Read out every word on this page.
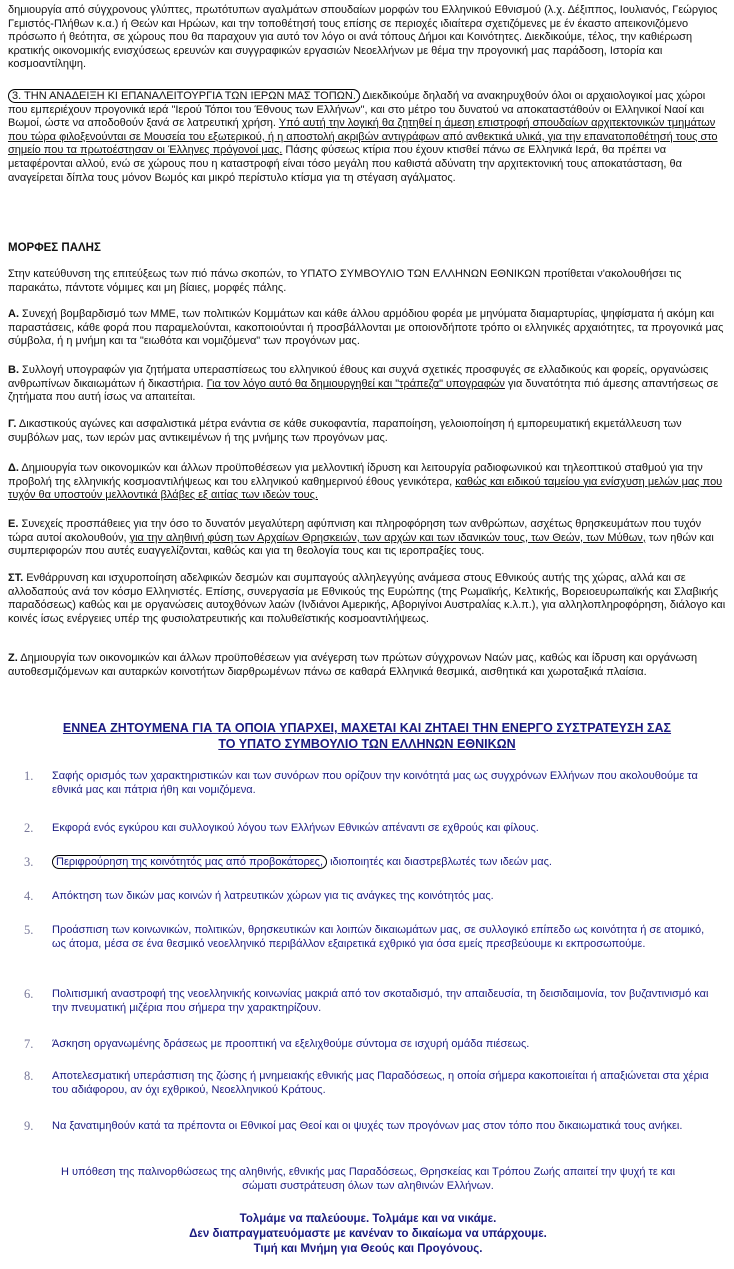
δημιουργία από σύγχρονους γλύπτες, πρωτότυπων αγαλμάτων σπουδαίων μορφών του Ελληνικού Εθνισμού (λ.χ. Δέξιππος, Ιουλιανός, Γεώργιος Γεμιστός-Πλήθων κ.α.) ή Θεών και Ηρώων, και την τοποθέτησή τους επίσης σε περιοχές ιδιαίτερα σχετιζόμενες με έν έκαστο απεικονιζόμενο πρόσωπο ή θεότητα, σε χώρους που θα παραχουν για αυτό τον λόγο οι ανά τόπους Δήμοι και Κοινότητες. Διεκδικούμε, τέλος, την καθιέρωση κρατικής οικονομικής ενισχύσεως ερευνών και συγγραφικών εργασιών Νεοελλήνων με θέμα την προγονική μας παράδοση, Ιστορία και κοσμοαντίληψη.

3. ΤΗΝ ΑΝΑΔΕΙΞΗ ΚΙ ΕΠΑΝΑΛΕΙΤΟΥΡΓΙΑ ΤΩΝ ΙΕΡΩΝ ΜΑΣ ΤΟΠΩΝ. Διεκδικούμε δηλαδή να ανακηρυχθούν όλοι οι αρχαιολογικοί μας χώροι που εμπεριέχουν προγονικά ιερά "Ιερού Τόποι του Έθνους των Ελλήνων", και στο μέτρο του δυνατού να αποκαταστάθούν οι Ελληνικοί Ναοί και Βωμοί, ώστε να αποδοθούν ξανά σε λατρευτική χρήση. Υπό αυτή την λογική θα ζητηθεί η άμεση επιστροφή σπουδαίων αρχιτεκτονικών τμημάτων που τώρα φιλοξενούνται σε Μουσεία του εξωτερικού, ή η αποστολή ακριβών αντιγράφων από ανθεκτικά υλικά, για την επανατοποθέτησή τους στο σημείο που τα πρωτοέστησαν οι Έλληνες πρόγονοί μας. Πάσης φύσεως κτίρια που έχουν κτισθεί πάνω σε Ελληνικά Ιερά, θα πρέπει να μεταφέρονται αλλού, ενώ σε χώρους που η καταστροφή είναι τόσο μεγάλη που καθιστά αδύνατη την αρχιτεκτονική τους αποκατάσταση, θα αναγείρεται δίπλα τους μόνον Βωμός και μικρό περίστυλο κτίσμα για τη στέγαση αγάλματος.

ΜΟΡΦΕΣ ΠΑΛΗΣ

Στην κατεύθυνση της επιτεύξεως των πιό πάνω σκοπών, το ΥΠΑΤΟ ΣΥΜΒΟΥΛΙΟ ΤΩΝ ΕΛΛΗΝΩΝ ΕΘΝΙΚΩΝ προτίθεται ν'ακολουθήσει τις παρακάτω, πάντοτε νόμιμες και μη βίαιες, μορφές πάλης.

Α. Συνεχή βομβαρδισμό των ΜΜΕ, των πολιτικών Κομμάτων και κάθε άλλου αρμόδιου φορέα με μηνύματα διαμαρτυρίας, ψηφίσματα ή ακόμη και παραστάσεις, κάθε φορά που παραμελούνται, κακοποιούνται ή προσβάλλονται με οποιονδήποτε τρόπο οι ελληνικές αρχαιότητες, τα προγονικά μας σύμβολα, ή η μνήμη και τα "ειωθότα και νομιζόμενα" των προγόνων μας.

Β. Συλλογή υπογραφών για ζητήματα υπερασπίσεως του ελληνικού έθους και συχνά σχετικές προσφυγές σε ελλαδικούς και φορείς, οργανώσεις ανθρωπίνων δικαιωμάτων ή δικαστήρια. Για τον λόγο αυτό θα δημιουργηθεί και "τράπεζα" υπογραφών για δυνατότητα πιό άμεσης απαντήσεως σε ζητήματα που αυτή ίσως να απαιτείται.

Γ. Δικαστικούς αγώνες και ασφαλιστικά μέτρα ενάντια σε κάθε συκοφαντία, παραποίηση, γελοιοποίηση ή εμπορευματική εκμετάλλευση των συμβόλων μας, των ιερών μας αντικειμένων ή της μνήμης των προγόνων μας.

Δ. Δημιουργία των οικονομικών και άλλων προϋποθέσεων για μελλοντική ίδρυση και λειτουργία ραδιοφωνικού και τηλεοπτικού σταθμού για την προβολή της ελληνικής κοσμοαντιλήψεως και του ελληνικού καθημερινού έθους γενικότερα, καθώς και ειδικού ταμείου για ενίσχυση μελών μας που τυχόν θα υποστούν μελλοντικά βλάβες εξ αιτίας των ιδεών τους.

Ε. Συνεχείς προσπάθειες για την όσο το δυνατόν μεγαλύτερη αφύπνιση και πληροφόρηση των ανθρώπων, ασχέτως θρησκευμάτων που τυχόν τώρα αυτοί ακολουθούν, για την αληθινή φύση των Αρχαίων Θρησκειών, των αρχών και των ιδανικών τους, των Θεών, των Μύθων, των ηθών και συμπεριφορών που αυτές ευαγγελίζονται, καθώς και για τη θεολογία τους και τις ιεροπραξίες τους.

ΣΤ. Ενθάρρυνση και ισχυροποίηση αδελφικών δεσμών και συμπαγούς αλληλεγγύης ανάμεσα στους Εθνικούς αυτής της χώρας, αλλά και σε αλλοδαπούς ανά τον κόσμο Ελληνιστές. Επίσης, συνεργασία με Εθνικούς της Ευρώπης (της Ρωμαϊκής, Κελτικής, Βορειοευρωπαϊκής και Σλαβικής παραδόσεως) καθώς και με οργανώσεις αυτοχθόνων λαών (Ινδιάνοι Αμερικής, Αβοριγίνοι Αυστραλίας κ.λ.π.), για αλληλοπληροφόρηση, διάλογο και κοινές ίσως ενέργειες υπέρ της φυσιολατρευτικής και πολυθεϊστικής κοσμοαντιλήψεως.

Ζ. Δημιουργία των οικονομικών και άλλων προϋποθέσεων για ανέγερση των πρώτων σύγχρονων Ναών μας, καθώς και ίδρυση και οργάνωση αυτοθεσμιζόμενων και αυταρκών κοινοτήτων διαρθρωμένων πάνω σε καθαρά Ελληνικά θεσμικά, αισθητικά και χωροταξικά πλαίσια.

ΕΝΝΕΑ ΖΗΤΟΥΜΕΝΑ ΓΙΑ ΤΑ ΟΠΟΙΑ ΥΠΑΡΧΕΙ, ΜΑΧΕΤΑΙ ΚΑΙ ΖΗΤΑΕΙ ΤΗΝ ΕΝΕΡΓΟ ΣΥΣΤΡΑΤΕΥΣΗ ΣΑΣ

ΤΟ ΥΠΑΤΟ ΣΥΜΒΟΥΛΙΟ ΤΩΝ ΕΛΛΗΝΩΝ ΕΘΝΙΚΩΝ

1. Σαφής ορισμός των χαρακτηριστικών και των συνόρων που ορίζουν την κοινότητά μας ως συγχρόνων Ελλήνων που ακολουθούμε τα εθνικά μας και πάτρια ήθη και νομιζόμενα.
2. Εκφορά ενός εγκύρου και συλλογικού λόγου των Ελλήνων Εθνικών απέναντι σε εχθρούς και φίλους.
3.	Περιφρούρηση της κοινότητός μας από προβοκάτορες, ιδιοποιητές και διαστρεβλωτές των ιδεών μας.
4. Απόκτηση των δικών μας κοινών ή λατρευτικών χώρων για τις ανάγκες της κοινότητός μας.
5. Προάσπιση των κοινωνικών, πολιτικών, θρησκευτικών και λοιπών δικαιωμάτων μας, σε συλλογικό επίπεδο ως κοινότητα ή σε ατομικό, ως άτομα, μέσα σε ένα θεσμικό νεοελληνικό περιβάλλον εξαιρετικά εχθρικό για όσα εμείς πρεσβεύουμε κι εκπροσωπούμε.
6. Πολιτισμική αναστροφή της νεοελληνικής κοινωνίας μακριά από τον σκοταδισμό, την απαιδευσία, τη δεισιδαιμονία, τον βυζαντινισμό και την πνευματική μιζέρια που σήμερα την χαρακτηρίζουν.
7. Άσκηση οργανωμένης δράσεως με προοπτική να εξελιχθούμε σύντομα σε ισχυρή ομάδα πιέσεως.
8. Αποτελεσματική υπεράσπιση της ζώσης ή μνημειακής εθνικής μας Παραδόσεως, η οποία σήμερα κακοποιείται ή απαξιώνεται στα χέρια του αδιάφορου, αν όχι εχθρικού, Νεοελληνικού Κράτους.
9. Να ξανατιμηθούν κατά τα πρέποντα οι Εθνικοί μας Θεοί και οι ψυχές των προγόνων μας στον τόπο που δικαιωματικά τους ανήκει.

Η υπόθεση της παλινορθώσεως της αληθινής, εθνικής μας Παραδόσεως, Θρησκείας και Τρόπου Ζωής απαιτεί την ψυχή τε και σώματι συστράτευση όλων των αληθινών Ελλήνων.

Τολμάμε να παλεύουμε. Τολμάμε και να νικάμε.

Δεν διαπραγματευόμαστε με κανέναν το δικαίωμα να υπάρχουμε.

Τιμή και Μνήμη για Θεούς και Προγόνους.
